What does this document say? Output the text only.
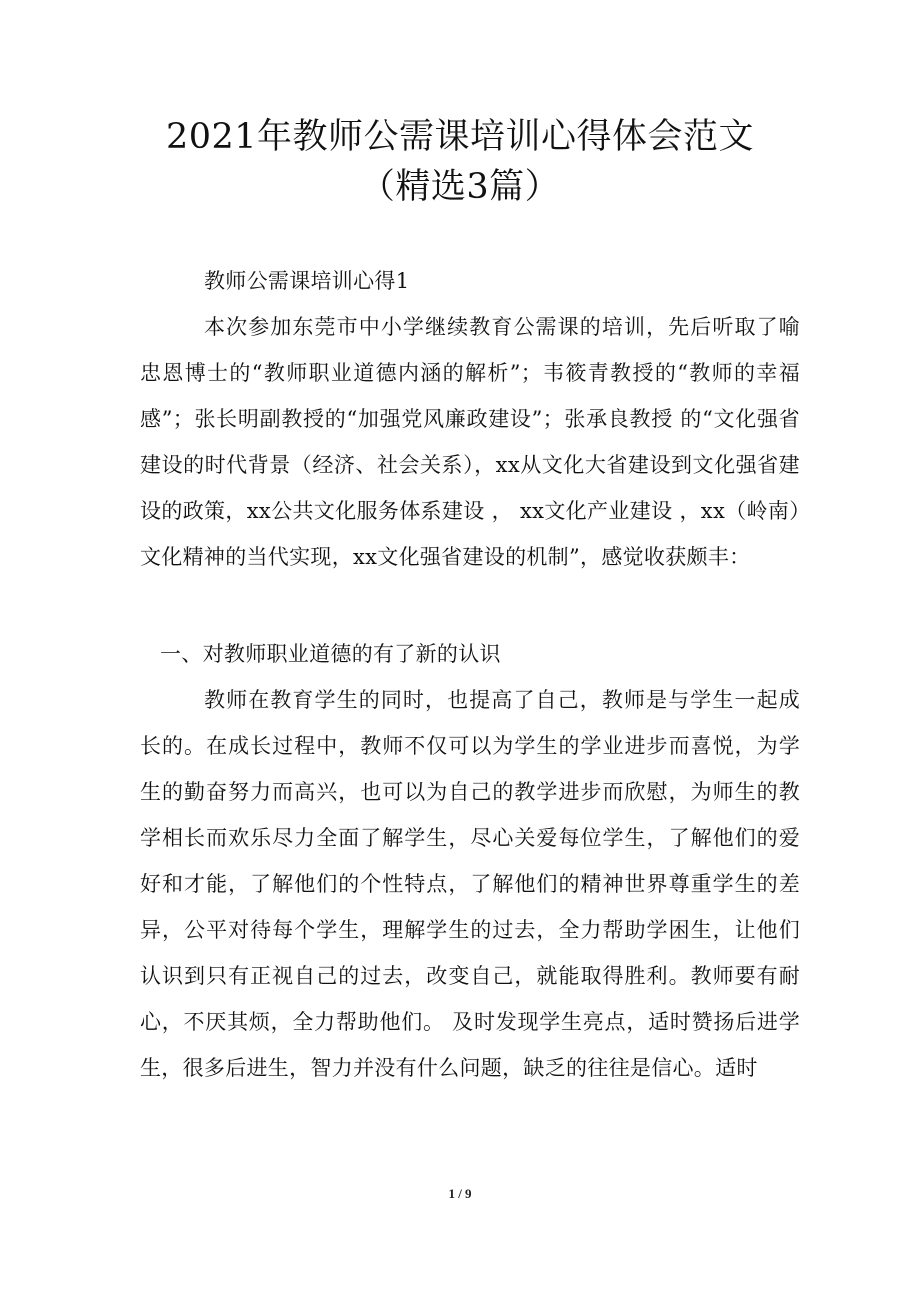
2021年教师公需课培训心得体会范文（精选3篇）

教师公需课培训心得1

本次参加东莞市中小学继续教育公需课的培训，先后听取了喻忠恩博士的“教师职业道德内涵的解析”；韦筱青教授的“教师的幸福感”；张长明副教授的“加强党风廉政建设”；张承良教授 的“文化强省建设的时代背景（经济、社会关系），xx从文化大省建设到文化强省建设的政策，xx公共文化服务体系建设 ， xx文化产业建设 ，xx（岭南）文化精神的当代实现，xx文化强省建设的机制”，感觉收获颇丰：

一、对教师职业道德的有了新的认识

教师在教育学生的同时，也提高了自己，教师是与学生一起成长的。在成长过程中，教师不仅可以为学生的学业进步而喜悦，为学生的勤奋努力而高兴，也可以为自己的教学进步而欣慰，为师生的教学相长而欢乐尽力全面了解学生，尽心关爱每位学生，了解他们的爱好和才能，了解他们的个性特点，了解他们的精神世界尊重学生的差异，公平对待每个学生，理解学生的过去，全力帮助学困生，让他们认识到只有正视自己的过去，改变自己，就能取得胜利。教师要有耐心，不厌其烦，全力帮助他们。 及时发现学生亮点，适时赞扬后进学生，很多后进生，智力并没有什么问题，缺乏的往往是信心。适时

1 / 9
